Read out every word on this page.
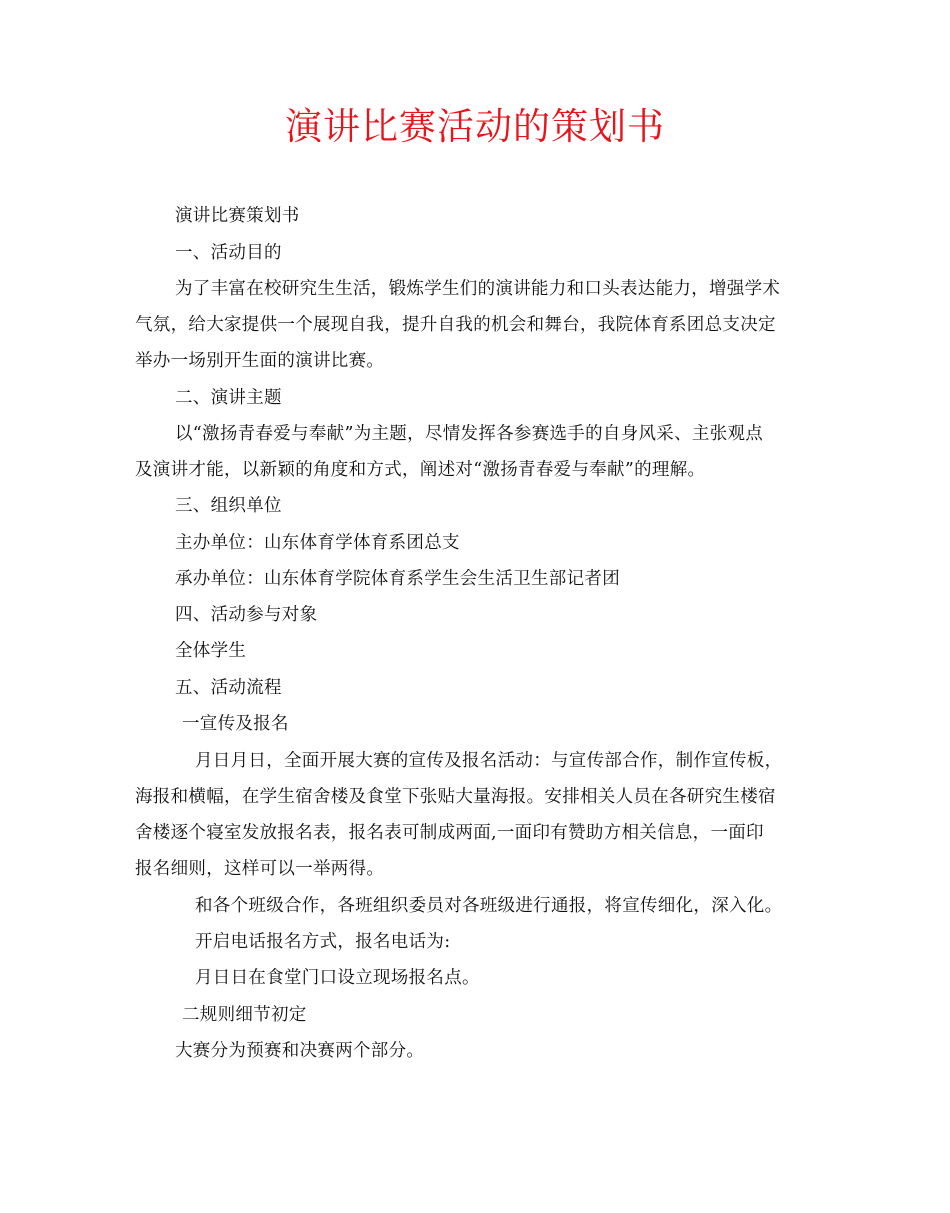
演讲比赛活动的策划书
演讲比赛策划书
一、活动目的
为了丰富在校研究生生活，锻炼学生们的演讲能力和口头表达能力，增强学术
气氛，给大家提供一个展现自我，提升自我的机会和舞台，我院体育系团总支决定
举办一场别开生面的演讲比赛。
二、演讲主题
以“激扬青春爱与奉献”为主题，尽情发挥各参赛选手的自身风采、主张观点
及演讲才能，以新颖的角度和方式，阐述对“激扬青春爱与奉献”的理解。
三、组织单位
主办单位：山东体育学体育系团总支
承办单位：山东体育学院体育系学生会生活卫生部记者团
四、活动参与对象
全体学生
五、活动流程
一宣传及报名
月日月日，全面开展大赛的宣传及报名活动：与宣传部合作，制作宣传板，
海报和横幅，在学生宿舍楼及食堂下张贴大量海报。安排相关人员在各研究生楼宿
舍楼逐个寝室发放报名表，报名表可制成两面,一面印有赞助方相关信息，一面印
报名细则，这样可以一举两得。
和各个班级合作，各班组织委员对各班级进行通报，将宣传细化，深入化。
开启电话报名方式，报名电话为:
月日日在食堂门口设立现场报名点。
二规则细节初定
大赛分为预赛和决赛两个部分。
